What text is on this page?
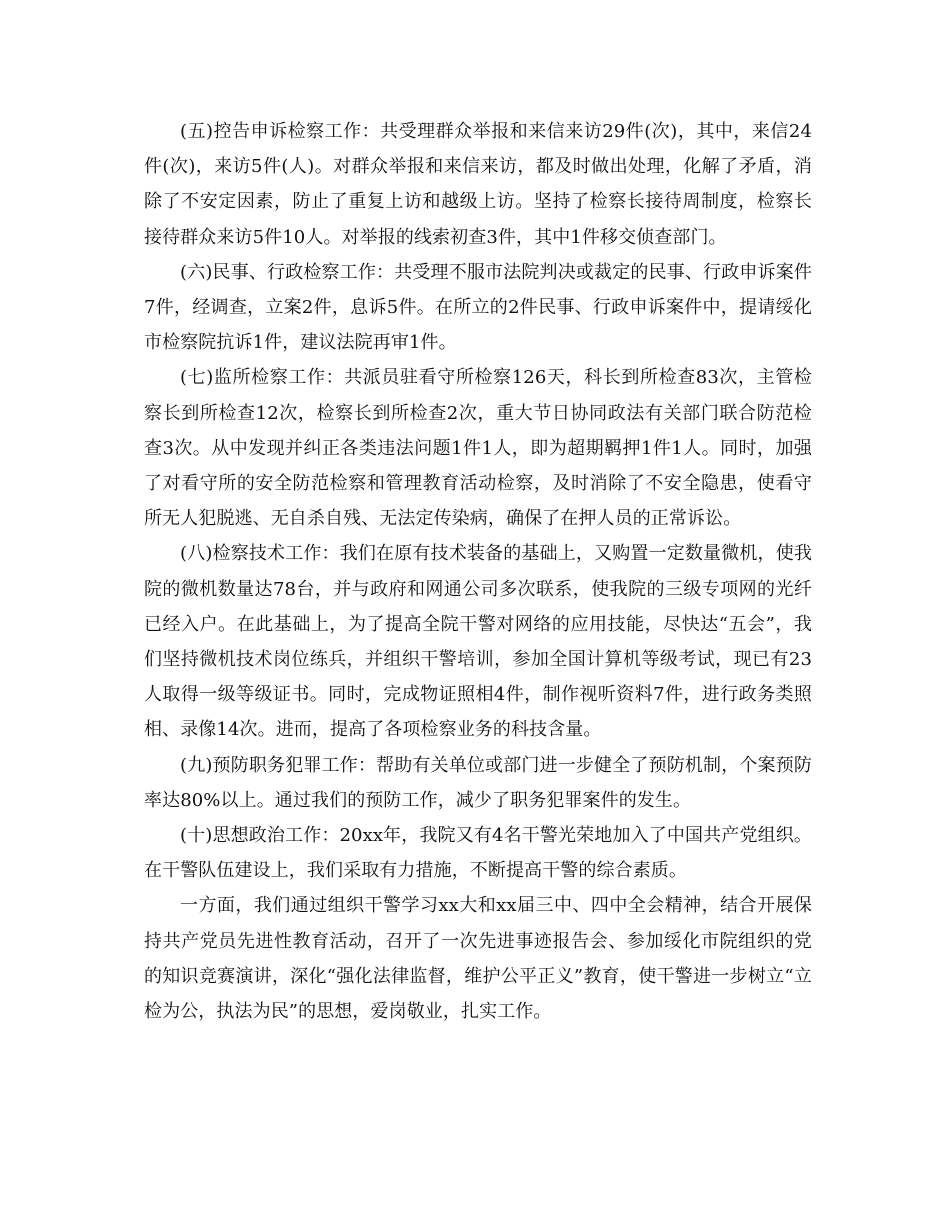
(五)控告申诉检察工作：共受理群众举报和来信来访29件(次)，其中，来信24件(次)，来访5件(人)。对群众举报和来信来访，都及时做出处理，化解了矛盾，消除了不安定因素，防止了重复上访和越级上访。坚持了检察长接待周制度，检察长接待群众来访5件10人。对举报的线索初查3件，其中1件移交侦查部门。

(六)民事、行政检察工作：共受理不服市法院判决或裁定的民事、行政申诉案件7件，经调查，立案2件，息诉5件。在所立的2件民事、行政申诉案件中，提请绥化市检察院抗诉1件，建议法院再审1件。

(七)监所检察工作：共派员驻看守所检察126天，科长到所检查83次，主管检察长到所检查12次，检察长到所检查2次，重大节日协同政法有关部门联合防范检查3次。从中发现并纠正各类违法问题1件1人，即为超期羁押1件1人。同时，加强了对看守所的安全防范检察和管理教育活动检察，及时消除了不安全隐患，使看守所无人犯脱逃、无自杀自残、无法定传染病，确保了在押人员的正常诉讼。

(八)检察技术工作：我们在原有技术装备的基础上，又购置一定数量微机，使我院的微机数量达78台，并与政府和网通公司多次联系，使我院的三级专项网的光纤已经入户。在此基础上，为了提高全院干警对网络的应用技能，尽快达“五会”，我们坚持微机技术岗位练兵，并组织干警培训，参加全国计算机等级考试，现已有23人取得一级等级证书。同时，完成物证照相4件，制作视听资料7件，进行政务类照相、录像14次。进而，提高了各项检察业务的科技含量。

(九)预防职务犯罪工作：帮助有关单位或部门进一步健全了预防机制，个案预防率达80%以上。通过我们的预防工作，减少了职务犯罪案件的发生。

(十)思想政治工作：20xx年，我院又有4名干警光荣地加入了中国共产党组织。在干警队伍建设上，我们采取有力措施，不断提高干警的综合素质。

一方面，我们通过组织干警学习xx大和xx届三中、四中全会精神，结合开展保持共产党员先进性教育活动，召开了一次先进事迹报告会、参加绥化市院组织的党的知识竞赛演讲，深化“强化法律监督，维护公平正义”教育，使干警进一步树立“立检为公，执法为民”的思想，爱岗敬业，扎实工作。
